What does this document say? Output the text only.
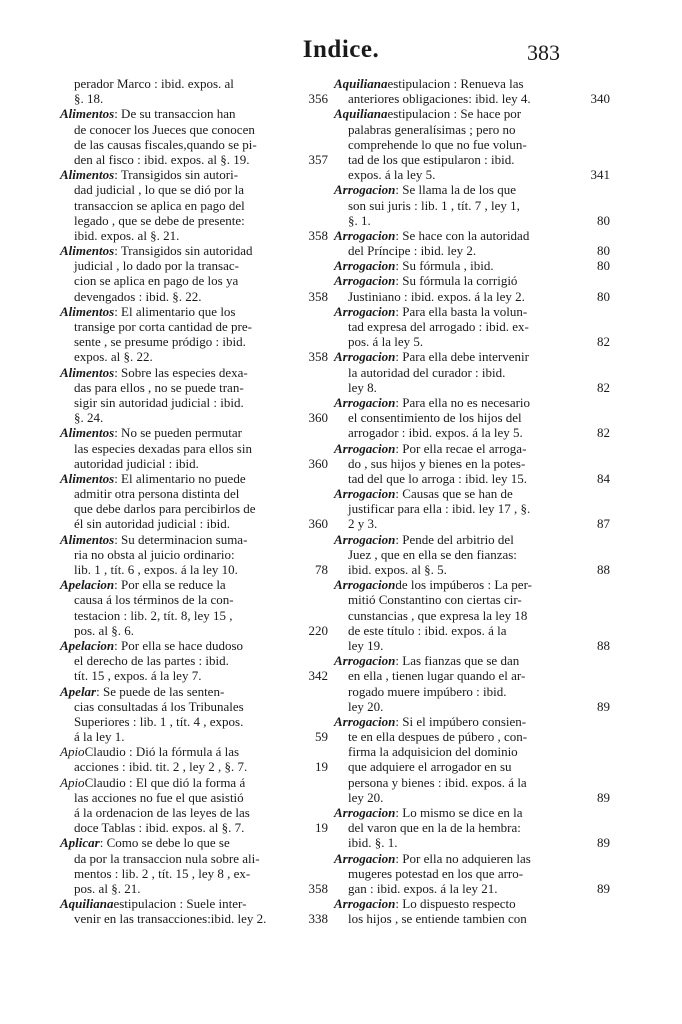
Indice.	383
perador Marco : ibid. expos. al
§. 18.	356
Alimentos: De su transaccion han
de conocer los Jueces que conocen
de las causas fiscales,quando se pi-
den al fisco : ibid. expos. al §. 19.	357
Alimentos: Transigidos sin autori-
dad judicial , lo que se dió por la
transaccion se aplica en pago del
legado , que se debe de presente:
ibid. expos. al §. 21.	358
Alimentos: Transigidos sin autoridad
judicial , lo dado por la transac-
cion se aplica en pago de los ya
devengados : ibid. §. 22.	358
Alimentos: El alimentario que los
transige por corta cantidad de pre-
sente , se presume pródigo : ibid.
expos. al §. 22.	358
Alimentos: Sobre las especies dexa-
das para ellos , no se puede tran-
sigir sin autoridad judicial : ibid.
§. 24.	360
Alimentos: No se pueden permutar
las especies dexadas para ellos sin
autoridad judicial : ibid.	360
Alimentos: El alimentario no puede
admitir otra persona distinta del
que debe darlos para percibirlos de
él sin autoridad judicial : ibid.	360
Alimentos: Su determinacion suma-
ria no obsta al juicio ordinario:
lib. 1 , tít. 6 , expos. á la ley 10.	78
Apelacion: Por ella se reduce la
causa á los términos de la con-
testacion : lib. 2, tít. 8, ley 15 ,
pos. al §. 6.	220
Apelacion: Por ella se hace dudoso
el derecho de las partes : ibid.
tít. 15 , expos. á la ley 7.	342
Apelar: Se puede de las senten-
cias consultadas á los Tribunales
Superiores : lib. 1 , tít. 4 , expos.
á la ley 1.	59
ApioClaudio : Dió la fórmula á las
acciones : ibid. tit. 2 , ley 2 , §. 7.	19
ApioClaudio : El que dió la forma á
las acciones no fue el que asistió
á la ordenacion de las leyes de las
doce Tablas : ibid. expos. al §. 7.	19
Aplicar: Como se debe lo que se
da por la transaccion nula sobre ali-
mentos : lib. 2 , tít. 15 , ley 8 , ex-
pos. al §. 21.	358
Aquilianaestipulacion : Suele inter-
venir en las transacciones:ibid. ley 2.	338
Aquilianaestipulacion : Renueva las
anteriores obligaciones: ibid. ley 4.	340
Aquilianaestipulacion : Se hace por
palabras generalísimas ; pero no
comprehende lo que no fue volun-
tad de los que estipularon : ibid.
expos. á la ley 5.	341
Arrogacion: Se llama la de los que
son sui juris : lib. 1 , tít. 7 , ley 1,
§. 1.	80
Arrogacion: Se hace con la autoridad
del Príncipe : ibid. ley 2.	80
Arrogacion: Su fórmula , ibid.	80
Arrogacion: Su fórmula la corrigió
Justiniano : ibid. expos. á la ley 2.	80
Arrogacion: Para ella basta la volun-
tad expresa del arrogado : ibid. ex-
pos. á la ley 5.	82
Arrogacion: Para ella debe intervenir
la autoridad del curador : ibid.
ley 8.	82
Arrogacion: Para ella no es necesario
el consentimiento de los hijos del
arrogador : ibid. expos. á la ley 5.	82
Arrogacion: Por ella recae el arroga-
do , sus hijos y bienes en la potes-
tad del que lo arroga : ibid. ley 15.	84
Arrogacion: Causas que se han de
justificar para ella : ibid. ley 17 , §.
2 y 3.	87
Arrogacion: Pende del arbitrio del
Juez , que en ella se den fianzas:
ibid. expos. al §. 5.	88
Arrogacionde los impúberos : La per-
mitió Constantino con ciertas cir-
cunstancias , que expresa la ley 18
de este título : ibid. expos. á la
ley 19.	88
Arrogacion: Las fianzas que se dan
en ella , tienen lugar quando el ar-
rogado muere impúbero : ibid.
ley 20.	89
Arrogacion: Si el impúbero consien-
te en ella despues de púbero , con-
firma la adquisicion del dominio
que adquiere el arrogador en su
persona y bienes : ibid. expos. á la
ley 20.	89
Arrogacion: Lo mismo se dice en la
del varon que en la de la hembra:
ibid. §. 1.	89
Arrogacion: Por ella no adquieren las
mugeres potestad en los que arro-
gan : ibid. expos. á la ley 21.	89
Arrogacion: Lo dispuesto respecto
los hijos , se entiende tambien con
